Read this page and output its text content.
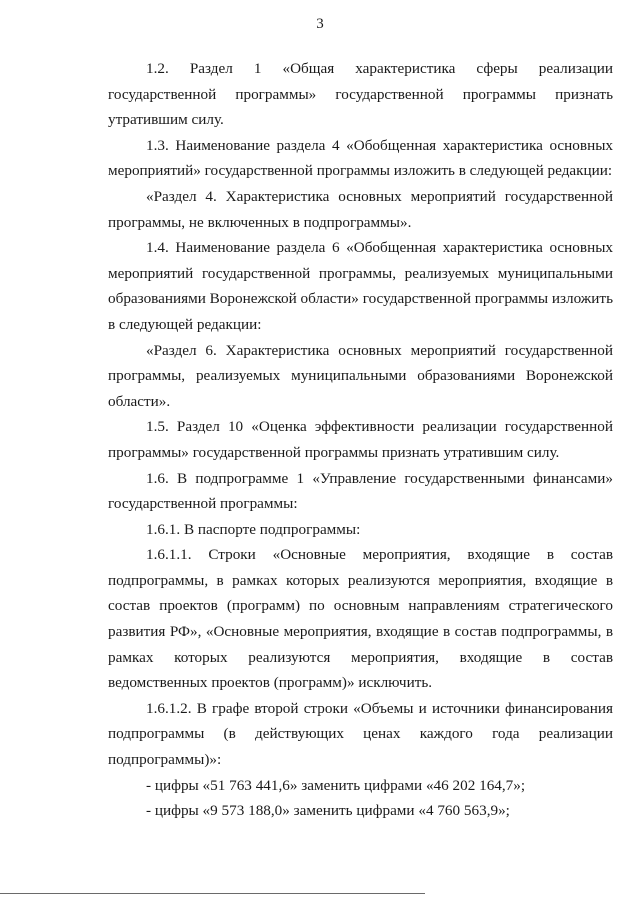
3

1.2. Раздел 1 «Общая характеристика сферы реализации государственной программы» государственной программы признать утратившим силу.

1.3. Наименование раздела 4 «Обобщенная характеристика основных мероприятий» государственной программы изложить в следующей редакции:

«Раздел 4. Характеристика основных мероприятий государственной программы, не включенных в подпрограммы».

1.4. Наименование раздела 6 «Обобщенная характеристика основных мероприятий государственной программы, реализуемых муниципальными образованиями Воронежской области» государственной программы изложить в следующей редакции:

«Раздел 6. Характеристика основных мероприятий государственной программы, реализуемых муниципальными образованиями Воронежской области».

1.5. Раздел 10 «Оценка эффективности реализации государственной программы» государственной программы признать утратившим силу.

1.6. В подпрограмме 1 «Управление государственными финансами» государственной программы:

1.6.1. В паспорте подпрограммы:

1.6.1.1. Строки «Основные мероприятия, входящие в состав подпрограммы, в рамках которых реализуются мероприятия, входящие в состав проектов (программ) по основным направлениям стратегического развития РФ», «Основные мероприятия, входящие в состав подпрограммы, в рамках которых реализуются мероприятия, входящие в состав ведомственных проектов (программ)» исключить.

1.6.1.2. В графе второй строки «Объемы и источники финансирования подпрограммы (в действующих ценах каждого года реализации подпрограммы)»:

- цифры «51 763 441,6» заменить цифрами «46 202 164,7»;

- цифры «9 573 188,0» заменить цифрами «4 760 563,9»;
